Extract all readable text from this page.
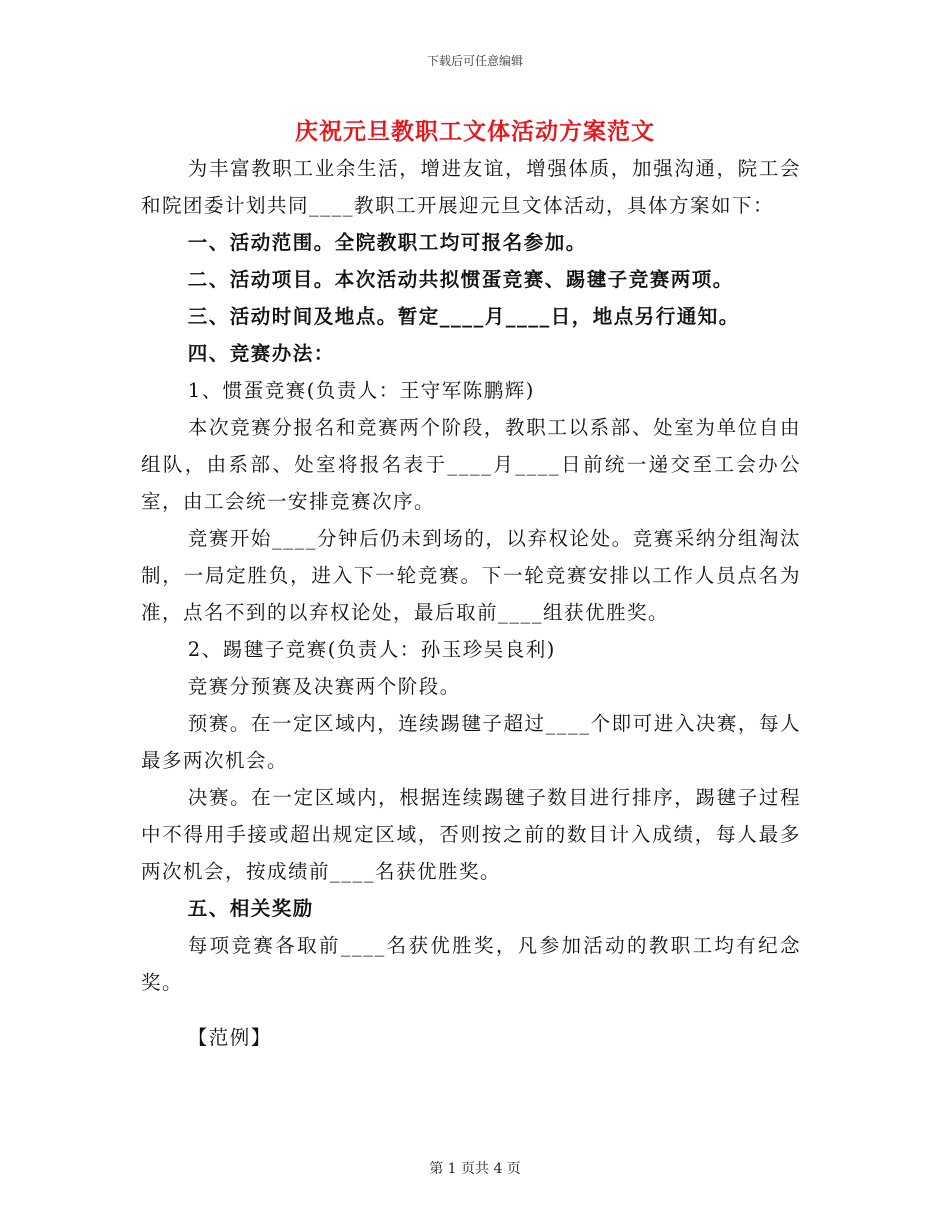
下载后可任意编辑
庆祝元旦教职工文体活动方案范文

为丰富教职工业余生活，增进友谊，增强体质，加强沟通，院工会和院团委计划共同____教职工开展迎元旦文体活动，具体方案如下：

一、活动范围。全院教职工均可报名参加。

二、活动项目。本次活动共拟惯蛋竞赛、踢毽子竞赛两项。

三、活动时间及地点。暂定____月____日，地点另行通知。

四、竞赛办法：

1、惯蛋竞赛(负责人：王守军陈鹏辉)

本次竞赛分报名和竞赛两个阶段，教职工以系部、处室为单位自由组队，由系部、处室将报名表于____月____日前统一递交至工会办公室，由工会统一安排竞赛次序。

竞赛开始____分钟后仍未到场的，以弃权论处。竞赛采纳分组淘汰制，一局定胜负，进入下一轮竞赛。下一轮竞赛安排以工作人员点名为准，点名不到的以弃权论处，最后取前____组获优胜奖。

2、踢毽子竞赛(负责人：孙玉珍吴良利)

竞赛分预赛及决赛两个阶段。

预赛。在一定区域内，连续踢毽子超过____个即可进入决赛，每人最多两次机会。

决赛。在一定区域内，根据连续踢毽子数目进行排序，踢毽子过程中不得用手接或超出规定区域，否则按之前的数目计入成绩，每人最多两次机会，按成绩前____名获优胜奖。

五、相关奖励

每项竞赛各取前____名获优胜奖，凡参加活动的教职工均有纪念奖。

【范例】

第 1 页共 4 页
